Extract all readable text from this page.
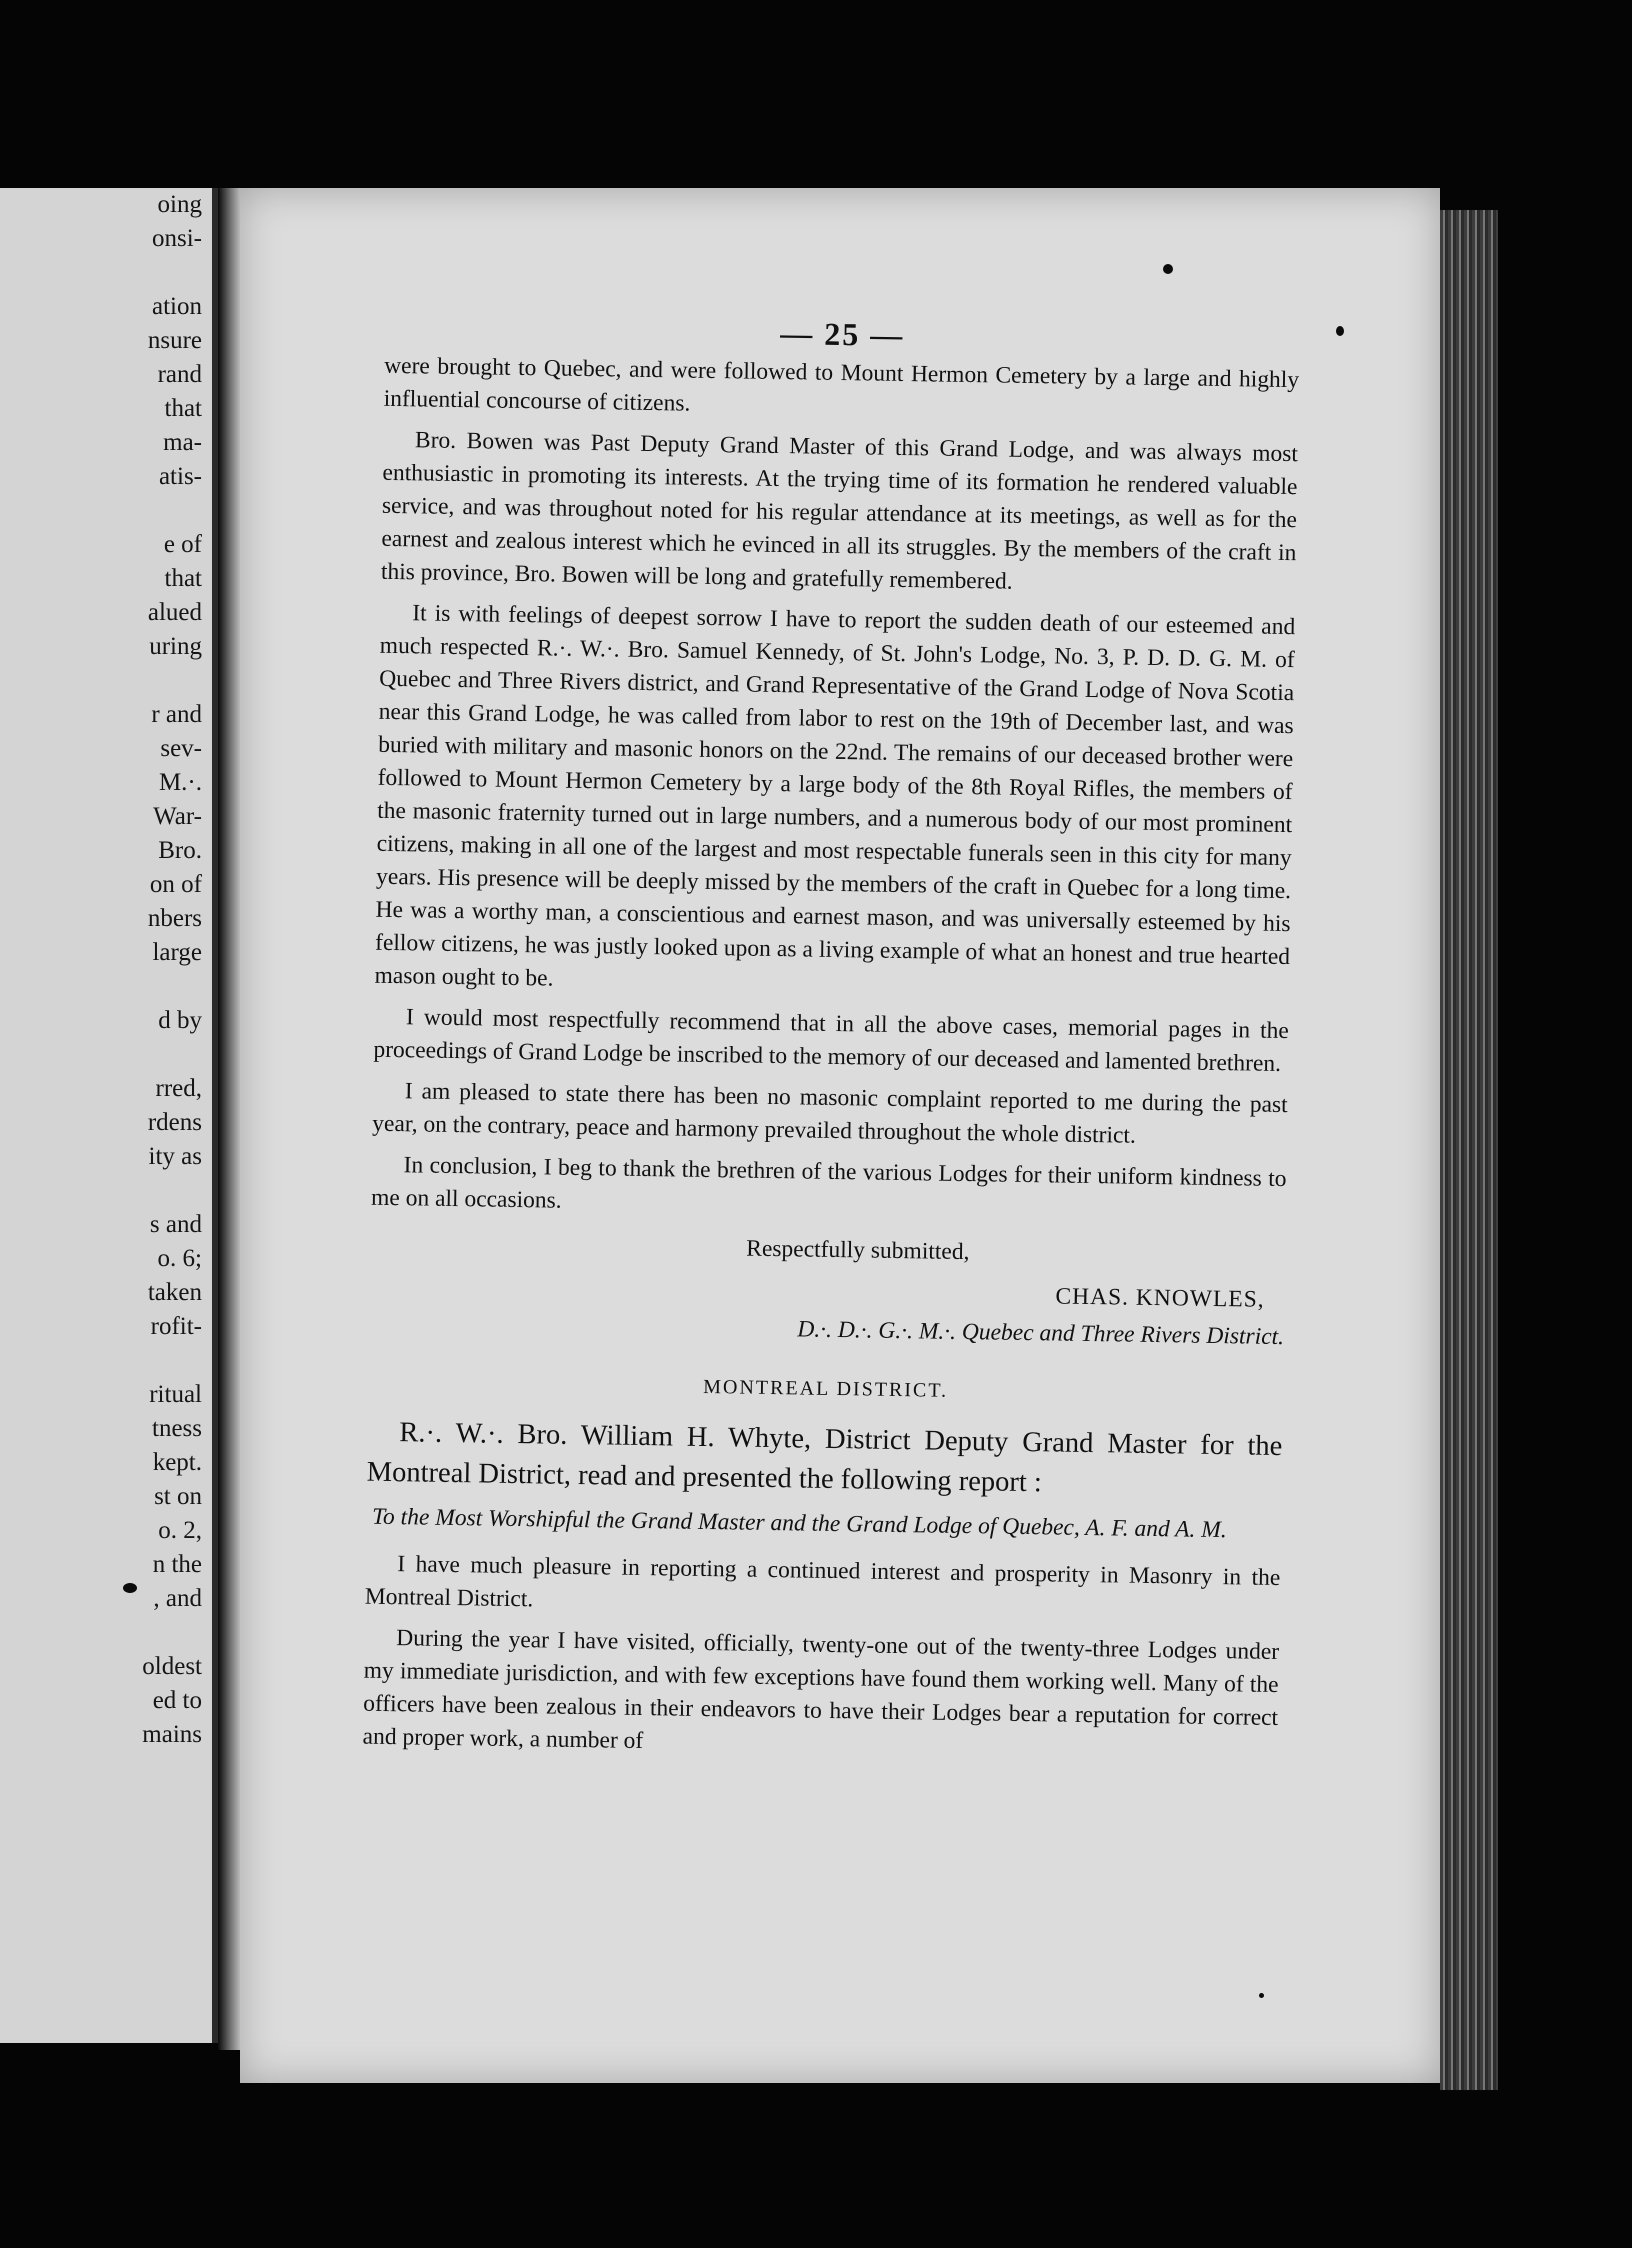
oing
onsi-
ation
nsure
rand
that
ma-
atis-
e of
that
alued
uring
r and
sev-
M.·.
War-
Bro.
on of
nbers
large
d by
rred,
rdens
ity as
s and
o. 6;
taken
rofit-
ritual
tness
kept.
st on
o. 2,
n the
, and
oldest
ed to
mains
— 25 —

were brought to Quebec, and were followed to Mount Hermon Cemetery by a large and highly influential concourse of citizens.

Bro. Bowen was Past Deputy Grand Master of this Grand Lodge, and was always most enthusiastic in promoting its interests. At the trying time of its formation he rendered valuable service, and was throughout noted for his regular attendance at its meetings, as well as for the earnest and zealous interest which he evinced in all its struggles. By the members of the craft in this province, Bro. Bowen will be long and gratefully remembered.

It is with feelings of deepest sorrow I have to report the sudden death of our esteemed and much respected R.·. W.·. Bro. Samuel Kennedy, of St. John's Lodge, No. 3, P. D. D. G. M. of Quebec and Three Rivers district, and Grand Representative of the Grand Lodge of Nova Scotia near this Grand Lodge, he was called from labor to rest on the 19th of December last, and was buried with military and masonic honors on the 22nd. The remains of our deceased brother were followed to Mount Hermon Cemetery by a large body of the 8th Royal Rifles, the members of the masonic fraternity turned out in large numbers, and a numerous body of our most prominent citizens, making in all one of the largest and most respectable funerals seen in this city for many years. His presence will be deeply missed by the members of the craft in Quebec for a long time. He was a worthy man, a conscientious and earnest mason, and was universally esteemed by his fellow citizens, he was justly looked upon as a living example of what an honest and true hearted mason ought to be.

I would most respectfully recommend that in all the above cases, memorial pages in the proceedings of Grand Lodge be inscribed to the memory of our deceased and lamented brethren.

I am pleased to state there has been no masonic complaint reported to me during the past year, on the contrary, peace and harmony prevailed throughout the whole district.

In conclusion, I beg to thank the brethren of the various Lodges for their uniform kindness to me on all occasions.

Respectfully submitted,
CHAS. KNOWLES,
D.·. D.·. G.·. M.·. Quebec and Three Rivers District.
MONTREAL DISTRICT.

R.·. W.·. Bro. William H. Whyte, District Deputy Grand Master for the Montreal District, read and presented the following report :

To the Most Worshipful the Grand Master and the Grand Lodge of Quebec, A. F. and A. M.

I have much pleasure in reporting a continued interest and prosperity in Masonry in the Montreal District.

During the year I have visited, officially, twenty-one out of the twenty-three Lodges under my immediate jurisdiction, and with few exceptions have found them working well. Many of the officers have been zealous in their endeavors to have their Lodges bear a reputation for correct and proper work, a number of
